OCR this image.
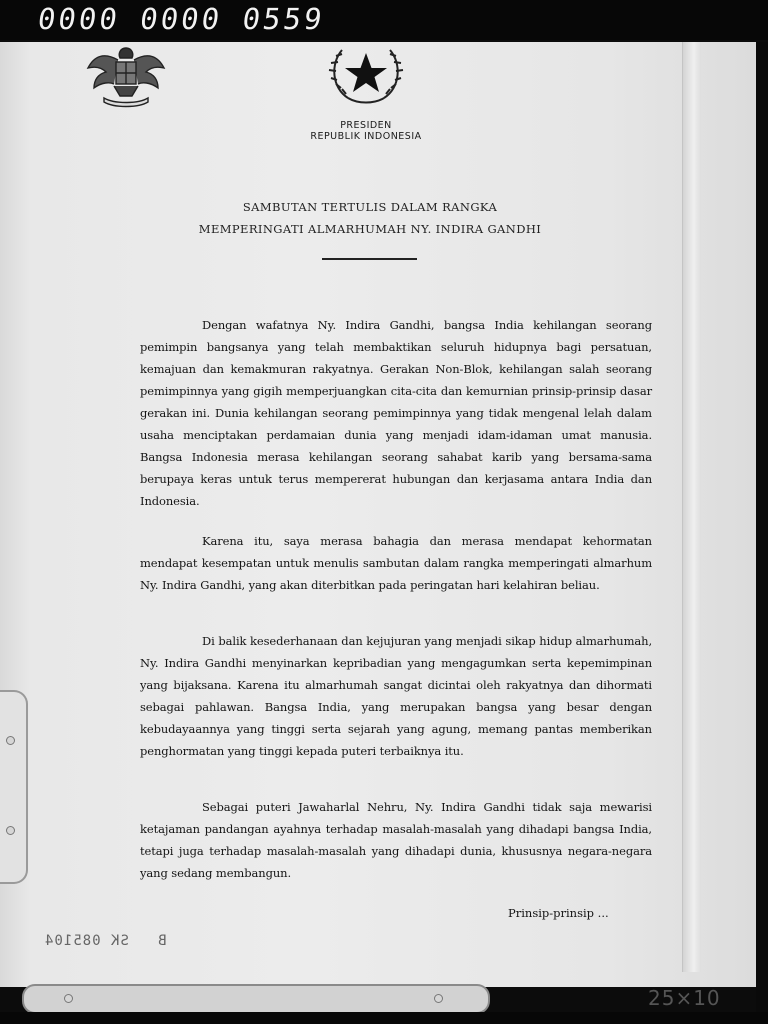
0000 0000 0559
PRESIDEN
REPUBLIK INDONESIA
SAMBUTAN TERTULIS DALAM RANGKA
MEMPERINGATI ALMARHUMAH NY. INDIRA GANDHI

Dengan wafatnya Ny. Indira Gandhi, bangsa India kehilangan seorang pemimpin bangsanya yang telah membaktikan seluruh hidupnya bagi persatuan, kemajuan dan kemakmuran rakyatnya. Gerakan Non-Blok, kehilangan salah seorang pemimpinnya yang gigih memperjuangkan cita-cita dan kemurnian prinsip-prinsip dasar gerakan ini. Dunia kehilangan seorang pemimpinnya yang tidak mengenal lelah dalam usaha menciptakan perdamaian dunia yang menjadi idam-idaman umat manusia. Bangsa Indonesia merasa kehilangan seorang sahabat karib yang bersama-sama berupaya keras untuk terus mempererat hubungan dan kerjasama antara India dan Indonesia.

Karena itu, saya merasa bahagia dan merasa mendapat kehormatan mendapat kesempatan untuk menulis sambutan dalam rangka memperingati almarhum Ny. Indira Gandhi, yang akan diterbitkan pada peringatan hari kelahiran beliau.

Di balik kesederhanaan dan kejujuran yang menjadi sikap hidup almarhumah, Ny. Indira Gandhi menyinarkan kepribadian yang mengagumkan serta kepemimpinan yang bijaksana. Karena itu almarhumah sangat dicintai oleh rakyatnya dan dihormati sebagai pahlawan. Bangsa India, yang merupakan bangsa yang besar dengan kebudayaannya yang tinggi serta sejarah yang agung, memang pantas memberikan penghormatan yang tinggi kepada puteri terbaiknya itu.

Sebagai puteri Jawaharlal Nehru, Ny. Indira Gandhi tidak saja mewarisi ketajaman pandangan ayahnya terhadap masalah-masalah yang dihadapi bangsa India, tetapi juga terhadap masalah-masalah yang dihadapi dunia, khususnya negara-negara yang sedang membangun.

Prinsip-prinsip ...
B   SK 085104
25×10
